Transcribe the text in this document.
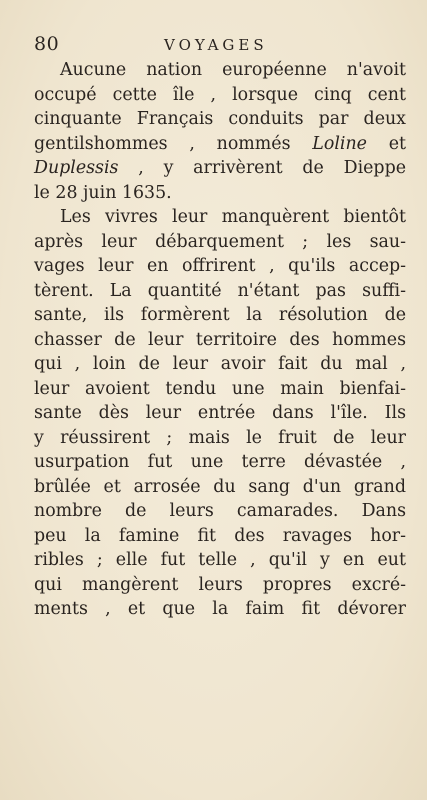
80	VOYAGES
Aucune nation européenne n'avoit
occupé cette île , lorsque cinq cent
cinquante Français conduits par deux
gentilshommes , nommés Loline et
Duplessis , y arrivèrent de Dieppe
le 28 juin 1635.
Les vivres leur manquèrent bientôt
après leur débarquement ; les sau-
vages leur en offrirent , qu'ils accep-
tèrent. La quantité n'étant pas suffi-
sante, ils formèrent la résolution de
chasser de leur territoire des hommes
qui , loin de leur avoir fait du mal ,
leur avoient tendu une main bienfai-
sante dès leur entrée dans l'île. Ils
y réussirent ; mais le fruit de leur
usurpation fut une terre dévastée ,
brûlée et arrosée du sang d'un grand
nombre de leurs camarades. Dans
peu la famine fit des ravages hor-
ribles ; elle fut telle , qu'il y en eut
qui mangèrent leurs propres excré-
ments , et que la faim fit dévorer
